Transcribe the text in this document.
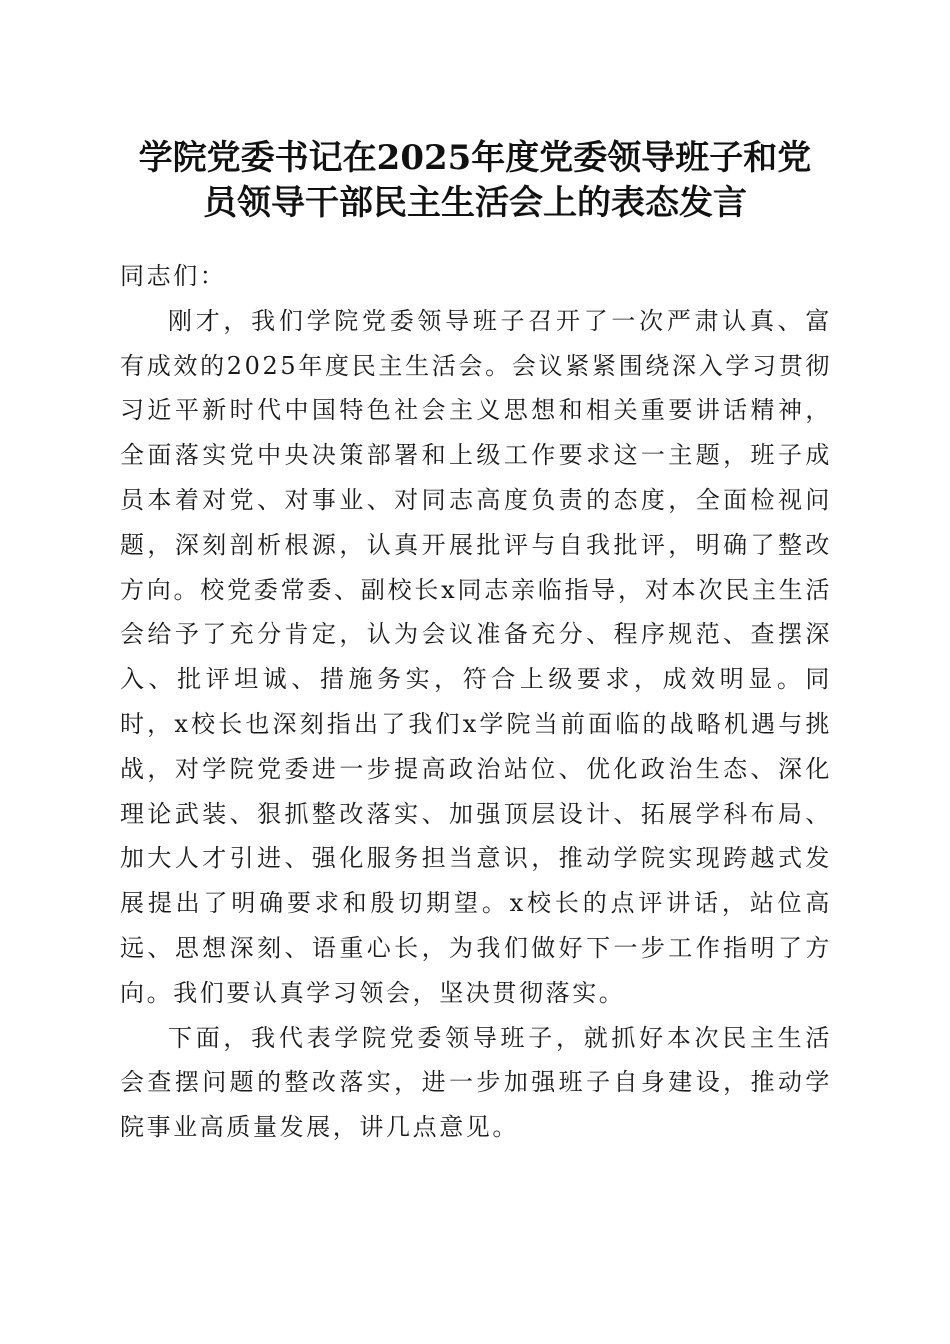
学院党委书记在2025年度党委领导班子和党
员领导干部民主生活会上的表态发言

同志们：

刚才，我们学院党委领导班子召开了一次严肃认真、富有成效的2025年度民主生活会。会议紧紧围绕深入学习贯彻习近平新时代中国特色社会主义思想和相关重要讲话精神，全面落实党中央决策部署和上级工作要求这一主题，班子成员本着对党、对事业、对同志高度负责的态度，全面检视问题，深刻剖析根源，认真开展批评与自我批评，明确了整改方向。校党委常委、副校长x同志亲临指导，对本次民主生活会给予了充分肯定，认为会议准备充分、程序规范、查摆深入、批评坦诚、措施务实，符合上级要求，成效明显。同时，x校长也深刻指出了我们x学院当前面临的战略机遇与挑战，对学院党委进一步提高政治站位、优化政治生态、深化理论武装、狠抓整改落实、加强顶层设计、拓展学科布局、加大人才引进、强化服务担当意识，推动学院实现跨越式发展提出了明确要求和殷切期望。x校长的点评讲话，站位高远、思想深刻、语重心长，为我们做好下一步工作指明了方向。我们要认真学习领会，坚决贯彻落实。

下面，我代表学院党委领导班子，就抓好本次民主生活会查摆问题的整改落实，进一步加强班子自身建设，推动学院事业高质量发展，讲几点意见。
